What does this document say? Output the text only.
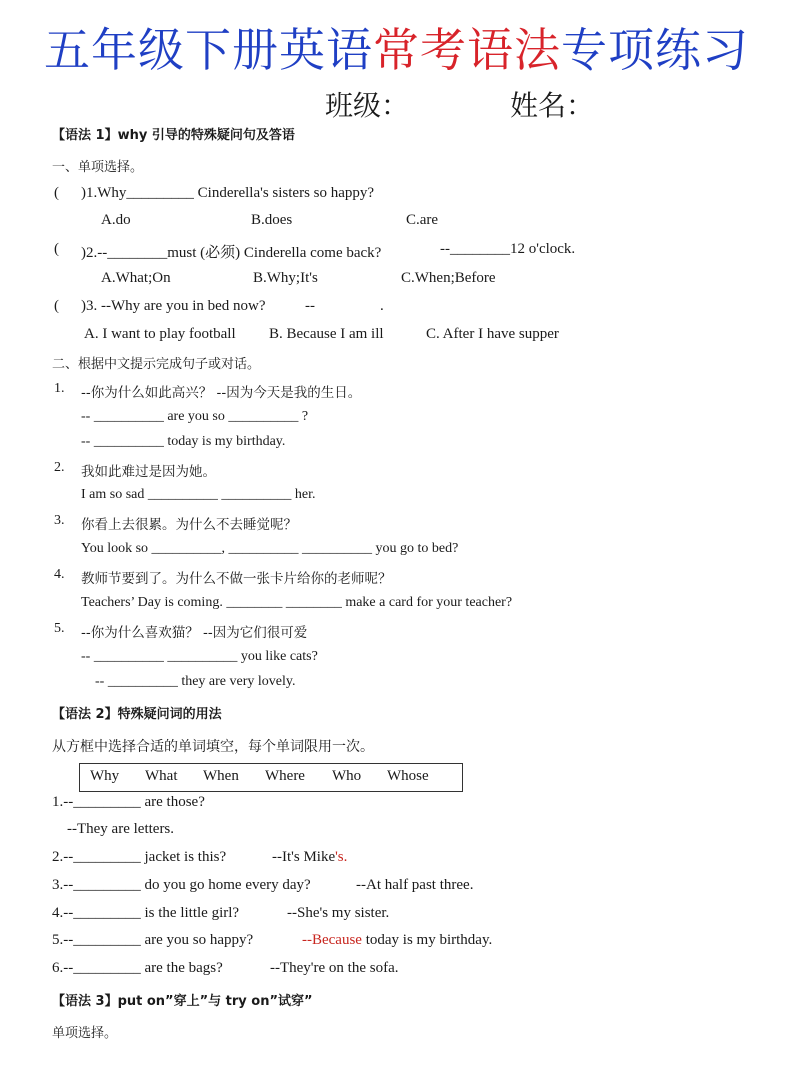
五年级下册英语常考语法专项练习
班级：	姓名：
【语法 1】why 引导的特殊疑问句及答语
一、单项选择。
( )1.Why_________ Cinderella's sisters so happy?
A.do	B.does	C.are
( )2.--________must (必须) Cinderella come back?	--________12 o'clock.
A.What;On	B.Why;It's	C.When;Before
( )3. --Why are you in bed now?	--	.
A. I want to play football B. Because I am ill	C. After I have supper
二、根据中文提示完成句子或对话。
1. --你为什么如此高兴？ --因为今天是我的生日。
-- __________ are you so __________ ?
-- __________ today is my birthday.
2. 我如此难过是因为她。
I am so sad __________ __________ her.
3. 你看上去很累。为什么不去睡觉呢？
You look so __________, __________ __________ you go to bed?
4. 教师节要到了。为什么不做一张卡片给你的老师呢？
Teachers’ Day is coming. ________ ________ make a card for your teacher?
5. --你为什么喜欢猫？ --因为它们很可爱
-- __________ __________ you like cats?
-- __________ they are very lovely.
【语法 2】特殊疑问词的用法
从方框中选择合适的单词填空，每个单词限用一次。
Why What When Where Who Whose
1.--_________ are those?
--They are letters.
2.--_________ jacket is this?	--It's Mike's.
3.--_________ do you go home every day?	--At half past three.
4.--_________ is the little girl?	--She's my sister.
5.--_________ are you so happy?	--Because today is my birthday.
6.--_________ are the bags?	--They're on the sofa.
【语法 3】put on”穿上”与 try on”试穿”
单项选择。
